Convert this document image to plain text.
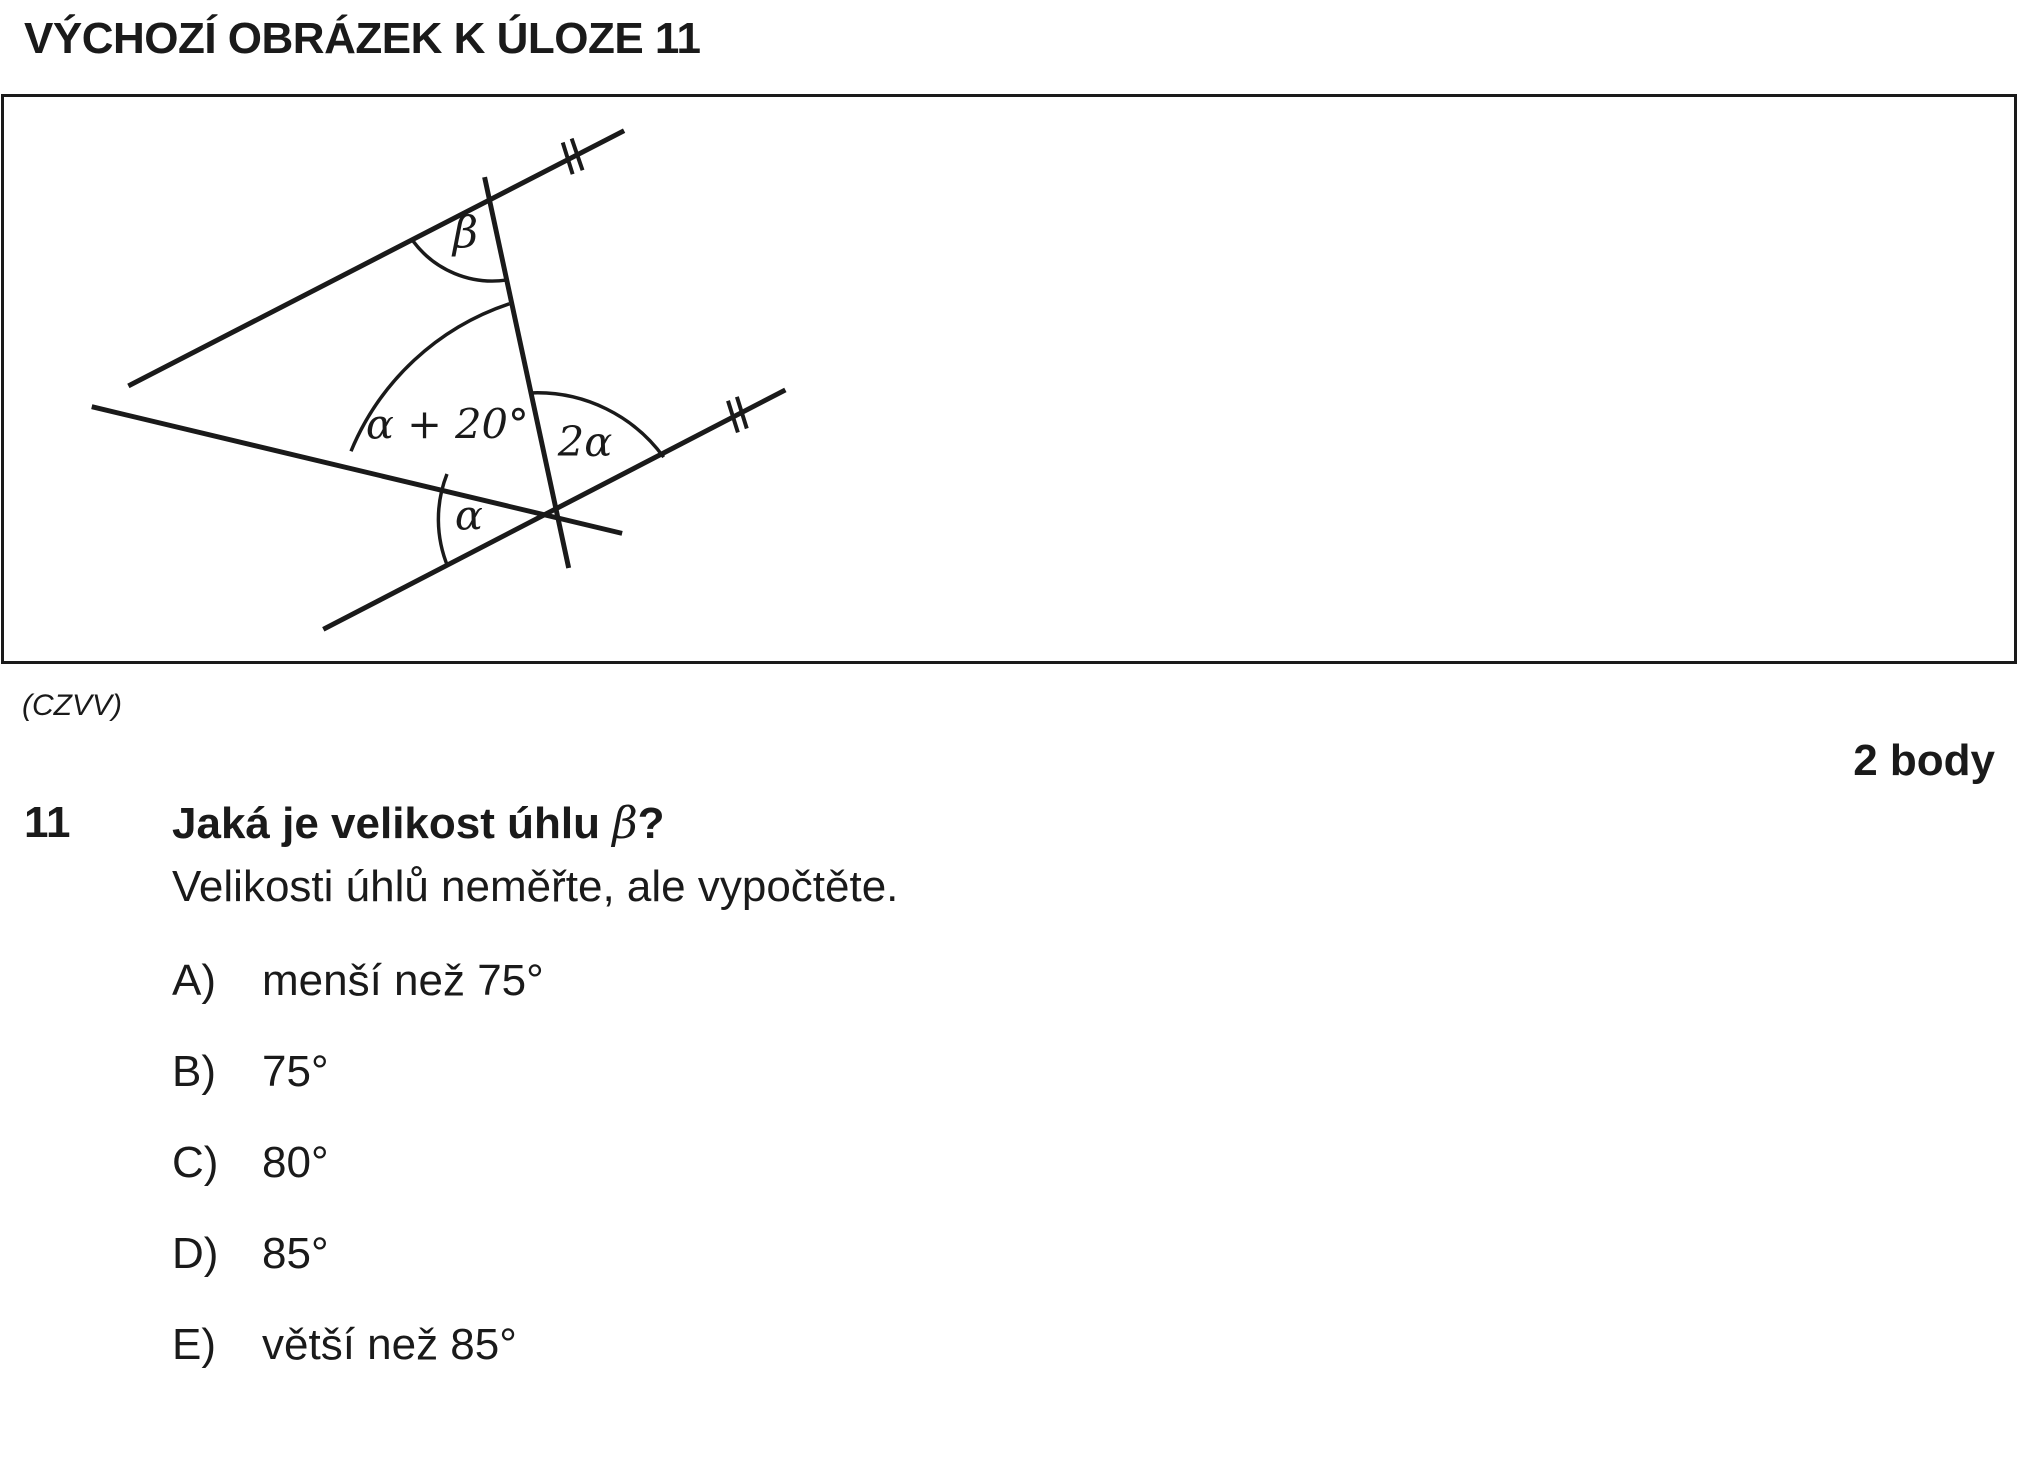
VÝCHOZÍ OBRÁZEK K ÚLOZE 11
β
α + 20° 2α
α
(CZVV)
2 body
11 Jaká je velikost úhlu β?
Velikosti úhlů neměřte, ale vypočtěte.
A)	menší než 75°
B)	75°
C) 80°
D) 85°
E)	větší než 85°
